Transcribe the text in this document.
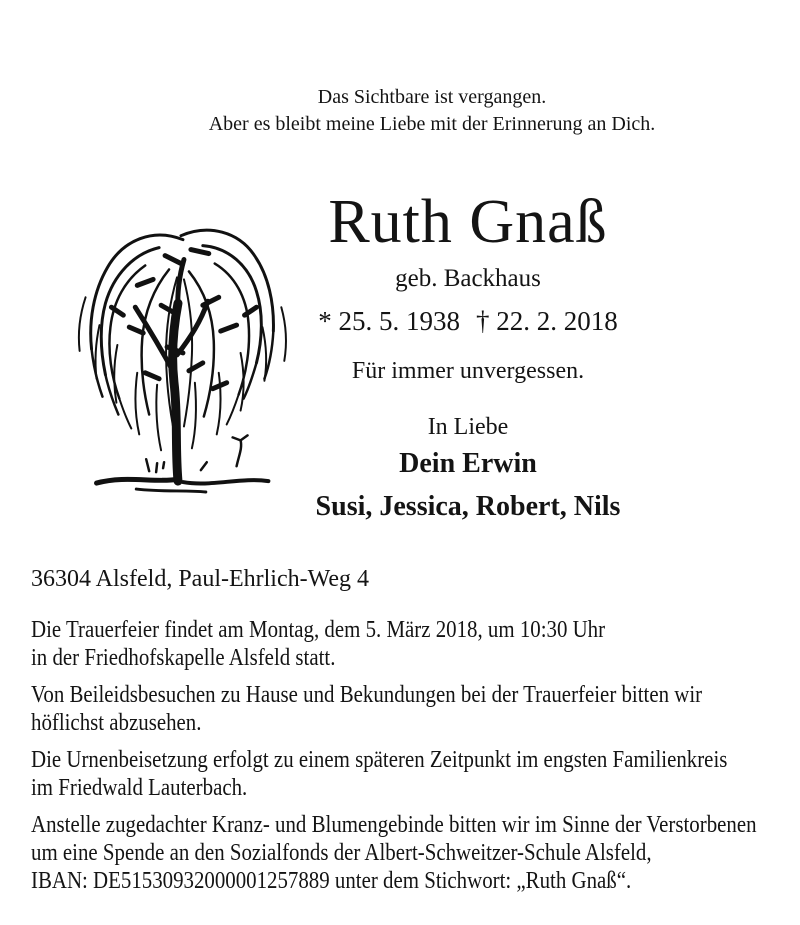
Das Sichtbare ist vergangen.
Aber es bleibt meine Liebe mit der Erinnerung an Dich.
Ruth Gnaß
geb. Backhaus
* 25. 5. 1938 † 22. 2. 2018
Für immer unvergessen.
In Liebe
Dein Erwin
Susi, Jessica, Robert, Nils
36304 Alsfeld, Paul-Ehrlich-Weg 4

Die Trauerfeier findet am Montag, dem 5. März 2018, um 10:30 Uhr
in der Friedhofskapelle Alsfeld statt.

Von Beileidsbesuchen zu Hause und Bekundungen bei der Trauerfeier bitten wir
höflichst abzusehen.

Die Urnenbeisetzung erfolgt zu einem späteren Zeitpunkt im engsten Familienkreis
im Friedwald Lauterbach.

Anstelle zugedachter Kranz- und Blumengebinde bitten wir im Sinne der Verstorbenen
um eine Spende an den Sozialfonds der Albert-Schweitzer-Schule Alsfeld,
IBAN: DE51530932000001257889 unter dem Stichwort: „Ruth Gnaß“.
